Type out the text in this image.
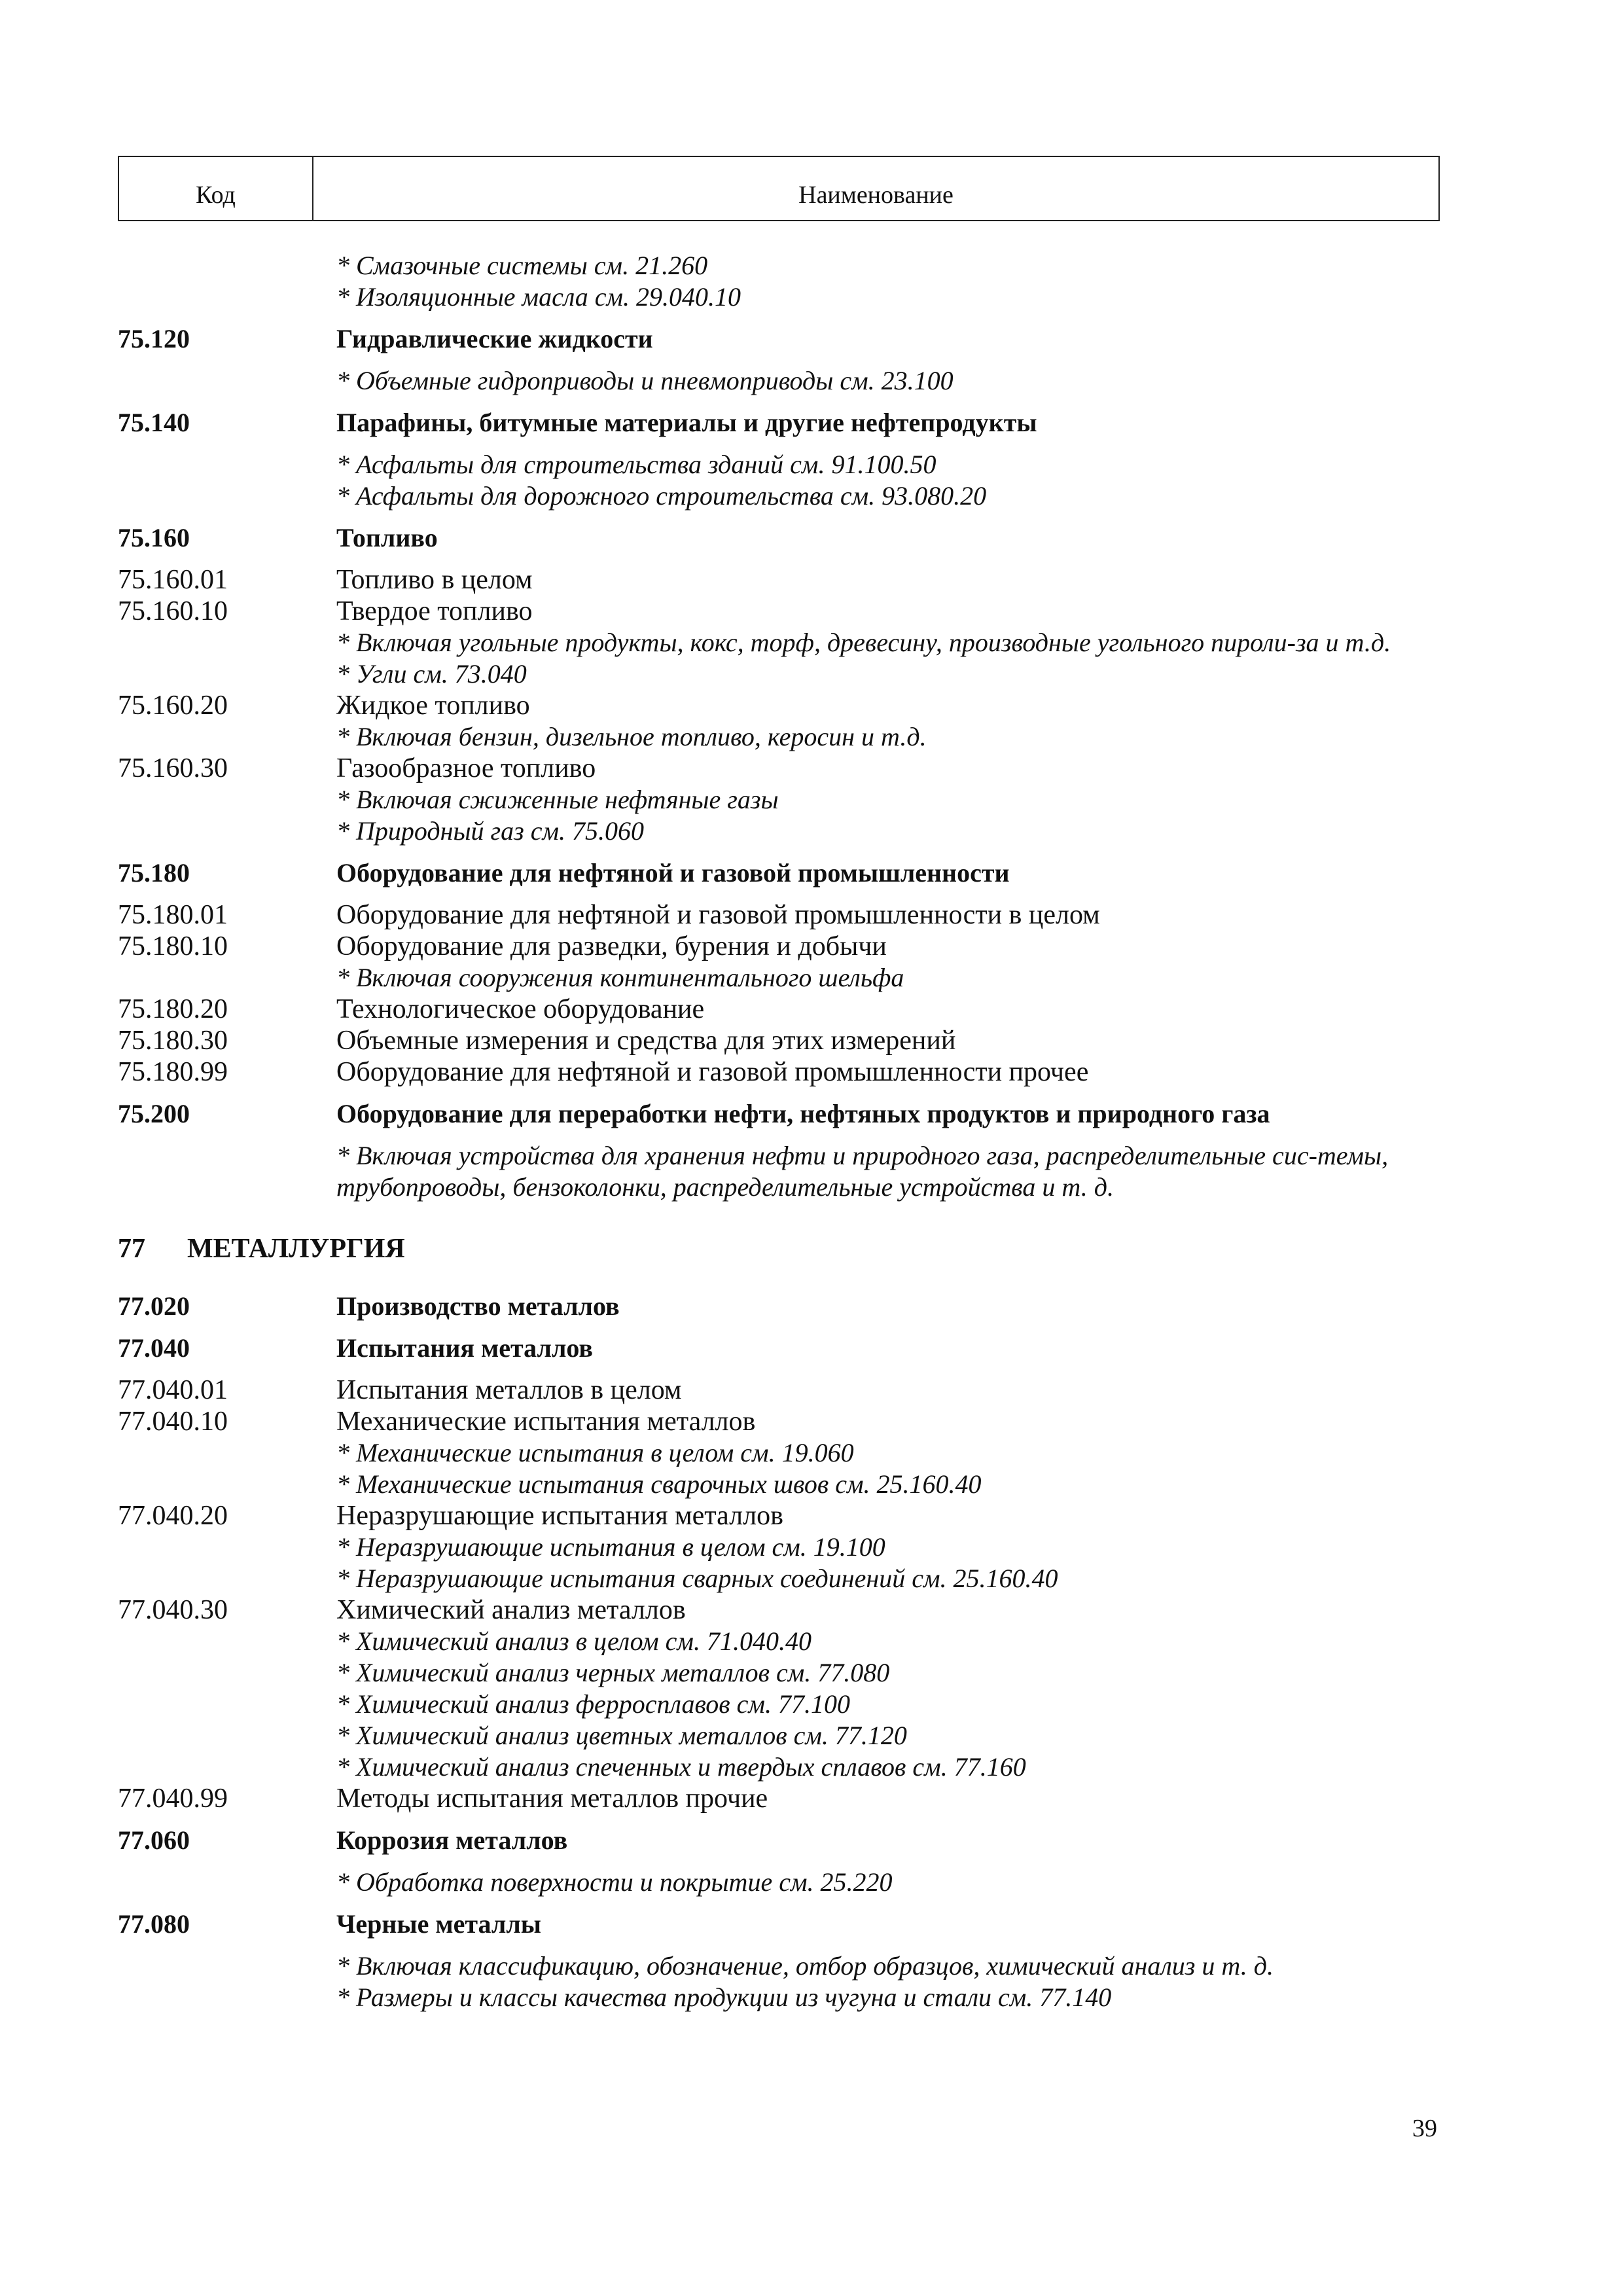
Код	Наименование
* Смазочные системы см. 21.260
* Изоляционные масла см. 29.040.10
75.120	Гидравлические жидкости
* Объемные гидроприводы и пневмоприводы см. 23.100
75.140	Парафины, битумные материалы и другие нефтепродукты
* Асфальты для строительства зданий см. 91.100.50
* Асфальты для дорожного строительства см. 93.080.20
75.160	Топливо
75.160.01	Топливо в целом
75.160.10	Твердое топливо
* Включая угольные продукты, кокс, торф, древесину, производные угольного пироли-за и т.д.
* Угли см. 73.040
75.160.20	Жидкое топливо
* Включая бензин, дизельное топливо, керосин и т.д.
75.160.30	Газообразное топливо
* Включая сжиженные нефтяные газы
* Природный газ см. 75.060
75.180	Оборудование для нефтяной и газовой промышленности
75.180.01	Оборудование для нефтяной и газовой промышленности в целом
75.180.10	Оборудование для разведки, бурения и добычи
* Включая сооружения континентального шельфа
75.180.20	Технологическое оборудование
75.180.30	Объемные измерения и средства для этих измерений
75.180.99	Оборудование для нефтяной и газовой промышленности прочее
75.200	Оборудование для переработки нефти, нефтяных продуктов и природного газа
* Включая устройства для хранения нефти и природного газа, распределительные сис-темы, трубопроводы, бензоколонки, распределительные устройства и т. д.
77	МЕТАЛЛУРГИЯ
77.020	Производство металлов
77.040	Испытания металлов
77.040.01	Испытания металлов в целом
77.040.10	Механические испытания металлов
* Механические испытания в целом см. 19.060
* Механические испытания сварочных швов см. 25.160.40
77.040.20	Неразрушающие испытания металлов
* Неразрушающие испытания в целом см. 19.100
* Неразрушающие испытания сварных соединений см. 25.160.40
77.040.30	Химический анализ металлов
* Химический анализ в целом см. 71.040.40
* Химический анализ черных металлов см. 77.080
* Химический анализ ферросплавов см. 77.100
* Химический анализ цветных металлов см. 77.120
* Химический анализ спеченных и твердых сплавов см. 77.160
77.040.99	Методы испытания металлов прочие
77.060	Коррозия металлов
* Обработка поверхности и покрытие см. 25.220
77.080	Черные металлы
* Включая классификацию, обозначение, отбор образцов, химический анализ и т. д.
* Размеры и классы качества продукции из чугуна и стали см. 77.140
39
